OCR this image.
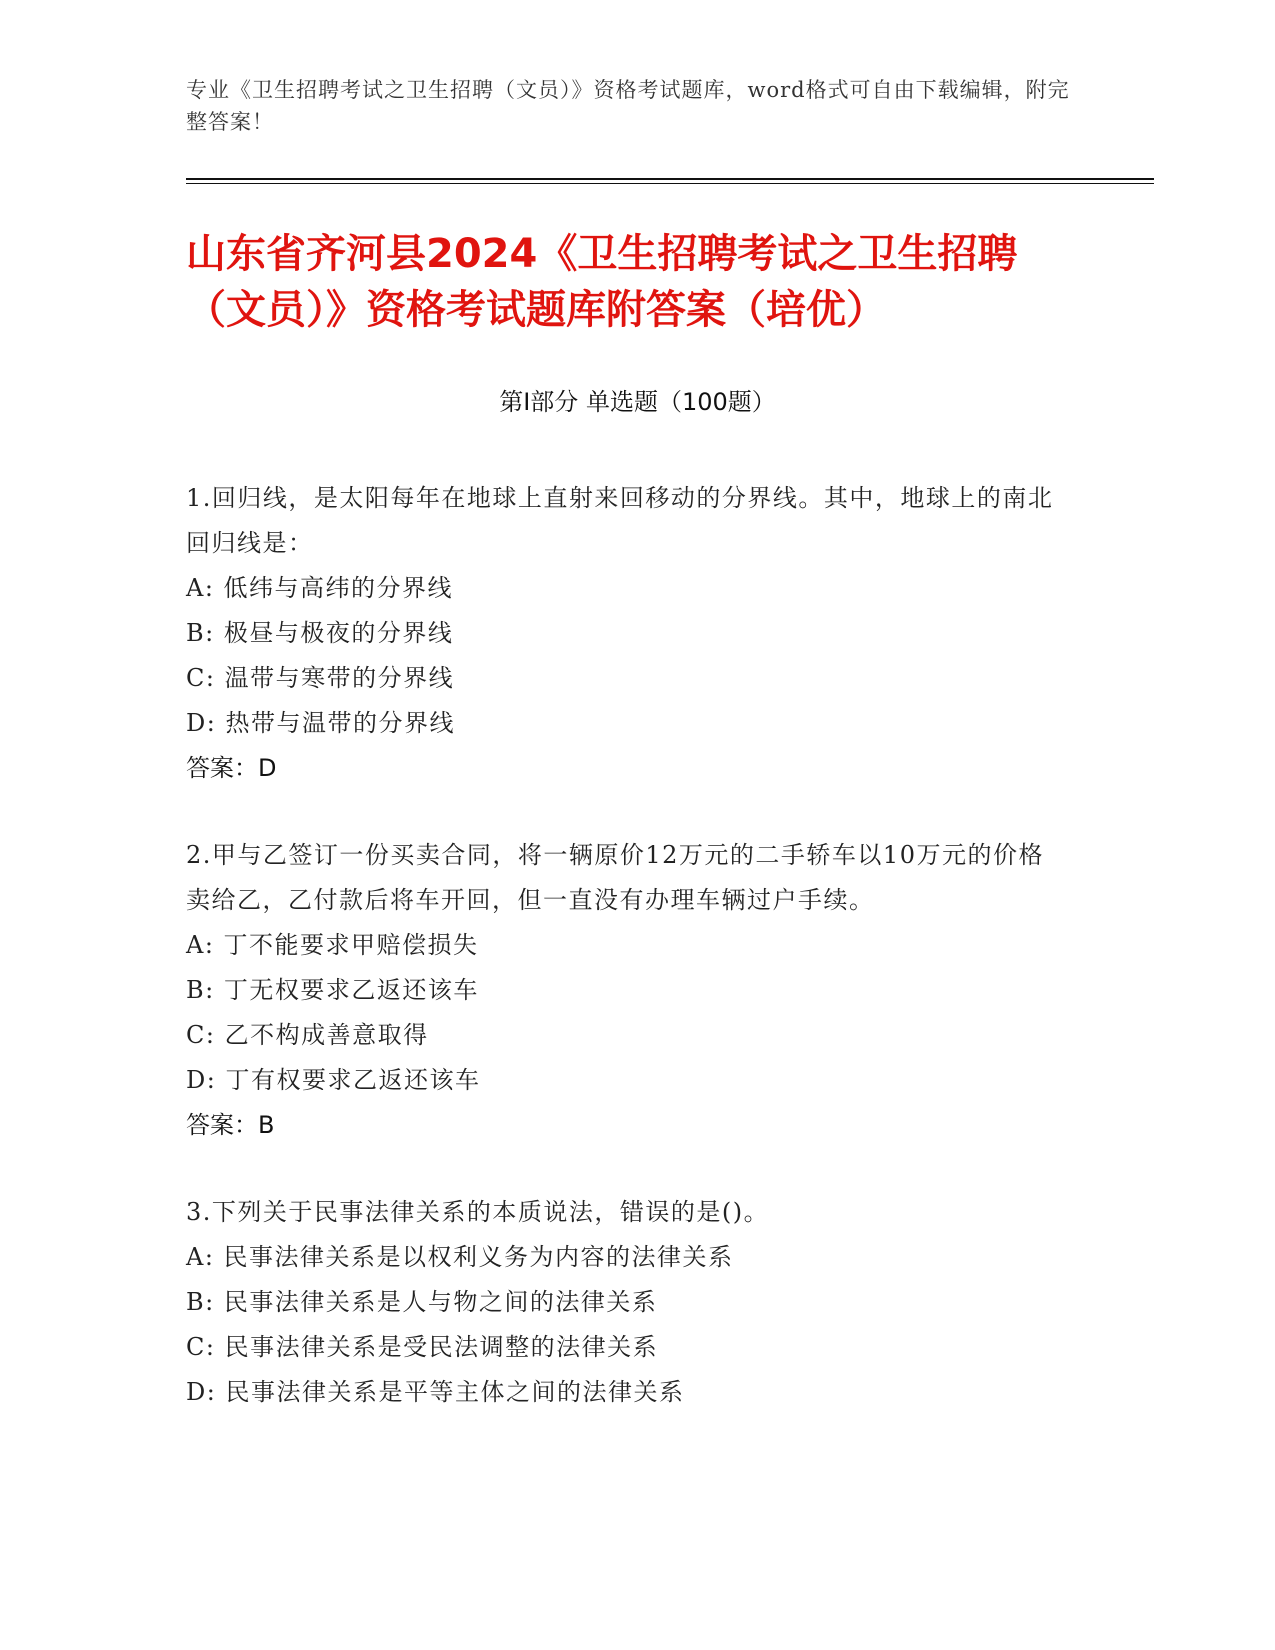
专业《卫生招聘考试之卫生招聘（文员）》资格考试题库，word格式可自由下载编辑，附完整答案！
山东省齐河县2024《卫生招聘考试之卫生招聘（文员）》资格考试题库附答案（培优）
第Ⅰ部分 单选题（100题）
1.回归线，是太阳每年在地球上直射来回移动的分界线。其中，地球上的南北回归线是：
A: 低纬与高纬的分界线
B: 极昼与极夜的分界线
C: 温带与寒带的分界线
D: 热带与温带的分界线
答案：D
2.甲与乙签订一份买卖合同，将一辆原价12万元的二手轿车以10万元的价格卖给乙，乙付款后将车开回，但一直没有办理车辆过户手续。
A: 丁不能要求甲赔偿损失
B: 丁无权要求乙返还该车
C: 乙不构成善意取得
D: 丁有权要求乙返还该车
答案：B
3.下列关于民事法律关系的本质说法，错误的是()。
A: 民事法律关系是以权利义务为内容的法律关系
B: 民事法律关系是人与物之间的法律关系
C: 民事法律关系是受民法调整的法律关系
D: 民事法律关系是平等主体之间的法律关系
